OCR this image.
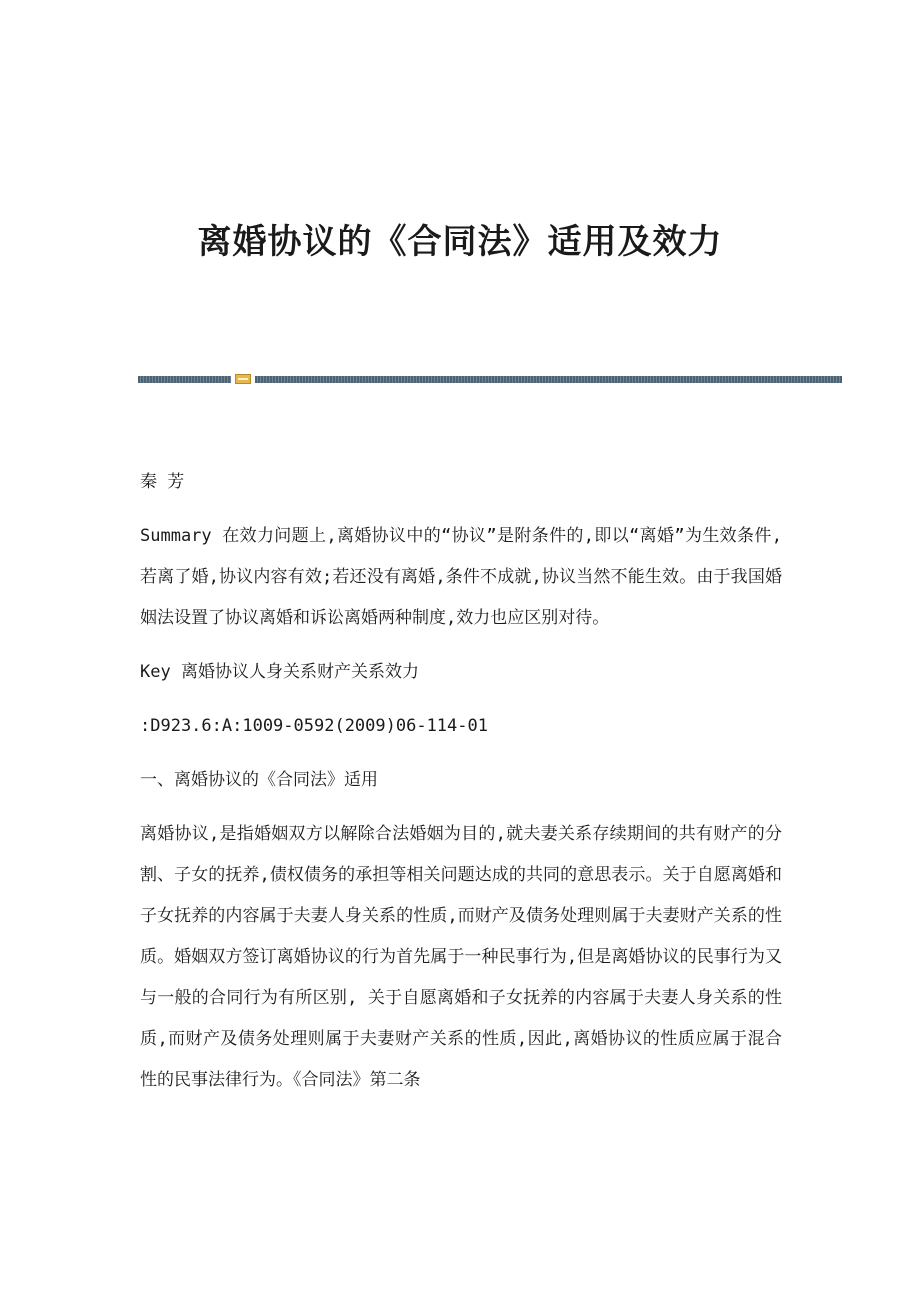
离婚协议的《合同法》适用及效力

秦 芳

Summary 在效力问题上,离婚协议中的“协议”是附条件的,即以“离婚”为生效条件,若离了婚,协议内容有效;若还没有离婚,条件不成就,协议当然不能生效。由于我国婚姻法设置了协议离婚和诉讼离婚两种制度,效力也应区别对待。

Key 离婚协议人身关系财产关系效力

:D923.6:A:1009-0592(2009)06-114-01

一、离婚协议的《合同法》适用

离婚协议,是指婚姻双方以解除合法婚姻为目的,就夫妻关系存续期间的共有财产的分割、子女的抚养,债权债务的承担等相关问题达成的共同的意思表示。关于自愿离婚和子女抚养的内容属于夫妻人身关系的性质,而财产及债务处理则属于夫妻财产关系的性质。婚姻双方签订离婚协议的行为首先属于一种民事行为,但是离婚协议的民事行为又与一般的合同行为有所区别, 关于自愿离婚和子女抚养的内容属于夫妻人身关系的性质,而财产及债务处理则属于夫妻财产关系的性质,因此,离婚协议的性质应属于混合性的民事法律行为。《合同法》第二条
